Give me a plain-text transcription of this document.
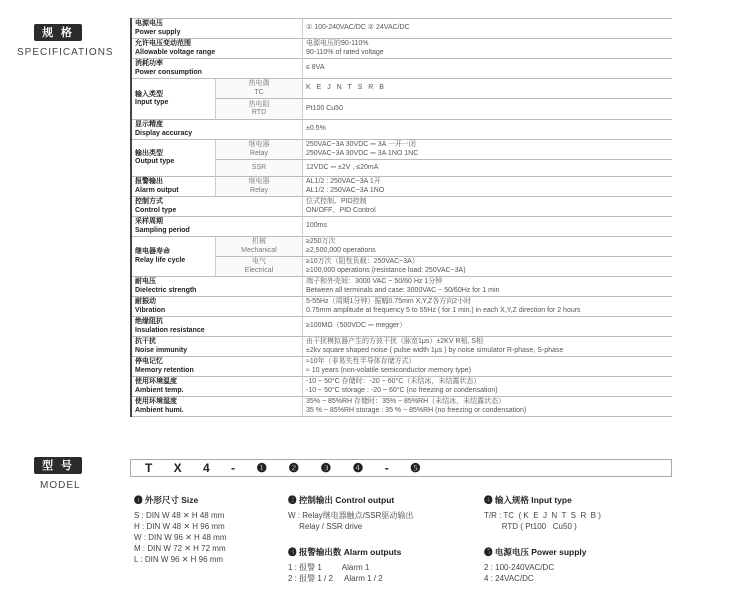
规 格
SPECIFICATIONS
电源电压
Power supply		① 100-240VAC/DC ② 24VAC/DC

允许电压变动范围
Allowable voltage range		电源电压的90-110%
90-110% of rated voltage

消耗功率
Power consumption		≤ 8VA

输入类型
Input type	热电偶
TC	K E J N T S R B

	热电阻
RTD	Pt100 Cu50

显示精度
Display accuracy		±0.5%

输出类型
Output type	继电器
Relay	250VAC~3A 30VDC ⎓ 3A 一开一闭
250VAC~3A 30VDC ⎓ 3A 1NO 1NC

	SSR	12VDC ⎓ ±2V , ≤20mA

报警输出
Alarm output	继电器
Relay	AL1/2 : 250VAC~3A 1开
AL1/2 : 250VAC~3A 1NO

控制方式
Control type		位式控制、PID控制
ON/OFF、PID Control

采样周期
Sampling period		100ms

继电器寿命
Relay life cycle	机械
Mechanical	≥250万次
≥2,500,000 operations

	电气
Electrical	≥10万次（阻性负载：250VAC~3A）
≥100,000 operations (resistance load: 250VAC~3A)

耐电压
Dielectric strength		端子和外壳间：3000 VAC ~ 50/60 Hz 1分钟
Between all terminals and case: 3000VAC ~ 50/60Hz for 1 min

耐振动
Vibration		5-55Hz（周期1分钟）振幅0.75mm X,Y,Z各方向2小时
0.75mm amplitude at frequency 5 to 55Hz ( for 1 min.) in each X,Y,Z direction for 2 hours

绝缘阻抗
Insulation resistance		≥100MΩ（500VDC ⎓ megger）

抗干扰
Noise immunity		由干扰模拟器产生的方波干扰（脉宽1μs）±2KV R相, S相
±2kv square shaped noise ( pulse width 1μs ) by noise simulator R-phase, S-phase

停电记忆
Memory retention		≈10年（非易失性半导体存储方式）
≈ 10 years (non-volatile semiconductor memory type)

使用环境温度
Ambient temp.		-10 ~ 50°C 存储时：-20 ~ 60°C（未结冰，未结露状态）
-10 ~ 50°C storage : -20 ~ 60°C (no freezing or condensation)

使用环境湿度
Ambient humi.		35% ~ 85%RH 存储时：35% ~ 85%RH（未结冰，未结露状态）
35 % ~ 85%RH storage : 35 % ~ 85%RH (no freezing or condensation)
型 号
MODEL
T X 4 - ❶ ❷ ❸ ❹ - ❺
❶ 外形尺寸 Size
S : DIN W 48 ✕ H 48 mm
H : DIN W 48 ✕ H 96 mm
W : DIN W 96 ✕ H 48 mm
M : DIN W 72 ✕ H 72 mm
L : DIN W 96 ✕ H 96 mm
❷ 控制输出 Control output
W : Relay继电器触点/SSR驱动输出
Relay / SSR drive
❸ 报警输出数 Alarm outputs
1 : 报警 1         Alarm 1
2 : 报警 1 / 2     Alarm 1 / 2
❹ 输入规格 Input type
T/R : TC  ( K  E  J  N  T  S  R  B )
RTD ( Pt100   Cu50 )
❺ 电源电压 Power supply
2 : 100-240VAC/DC
4 : 24VAC/DC
